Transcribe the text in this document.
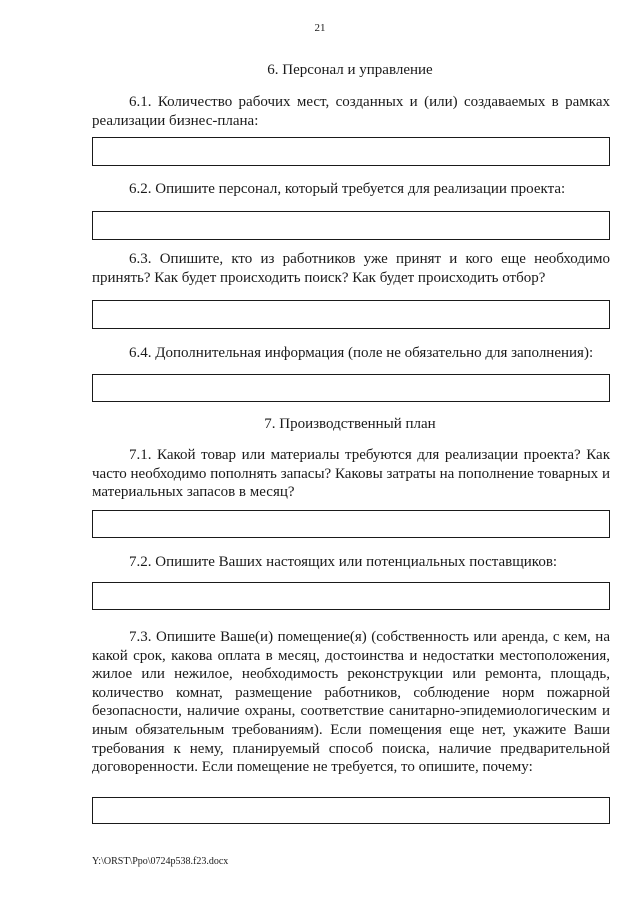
21
6. Персонал и управление

6.1. Количество рабочих мест, созданных и (или) создаваемых в рамках реализации бизнес-плана:

6.2. Опишите персонал, который требуется для реализации проекта:

6.3. Опишите, кто из работников уже принят и кого еще необходимо принять? Как будет происходить поиск? Как будет происходить отбор?

6.4. Дополнительная информация (поле не обязательно для заполнения):

7. Производственный план

7.1. Какой товар или материалы требуются для реализации проекта? Как часто необходимо пополнять запасы? Каковы затраты на пополнение товарных и материальных запасов в месяц?

7.2. Опишите Ваших настоящих или потенциальных поставщиков:

7.3. Опишите Ваше(и) помещение(я) (собственность или аренда, с кем, на какой срок, какова оплата в месяц, достоинства и недостатки местоположения, жилое или нежилое, необходимость реконструкции или ремонта, площадь, количество комнат, размещение работников, соблюдение норм пожарной безопасности, наличие охраны, соответствие санитарно-эпидемиологическим и иным обязательным требованиям). Если помещения еще нет, укажите Ваши требования к нему, планируемый способ поиска, наличие предварительной договоренности. Если помещение не требуется, то опишите, почему:

Y:\ORST\Ppo\0724p538.f23.docx
